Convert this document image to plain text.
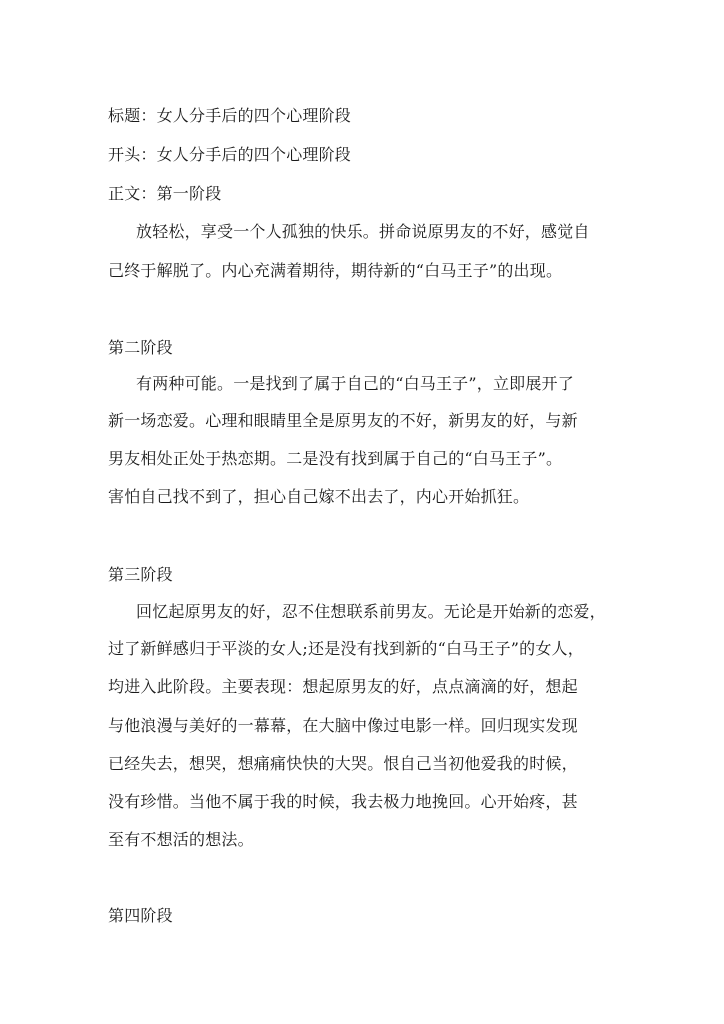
标题：女人分手后的四个心理阶段
开头：女人分手后的四个心理阶段
正文：第一阶段
放轻松，享受一个人孤独的快乐。拼命说原男友的不好，感觉自
己终于解脱了。内心充满着期待，期待新的“白马王子”的出现。
第二阶段
有两种可能。一是找到了属于自己的“白马王子”，立即展开了
新一场恋爱。心理和眼睛里全是原男友的不好，新男友的好，与新
男友相处正处于热恋期。二是没有找到属于自己的“白马王子”。
害怕自己找不到了，担心自己嫁不出去了，内心开始抓狂。
第三阶段
回忆起原男友的好，忍不住想联系前男友。无论是开始新的恋爱，
过了新鲜感归于平淡的女人;还是没有找到新的“白马王子”的女人，
均进入此阶段。主要表现：想起原男友的好，点点滴滴的好，想起
与他浪漫与美好的一幕幕，在大脑中像过电影一样。回归现实发现
已经失去，想哭，想痛痛快快的大哭。恨自己当初他爱我的时候，
没有珍惜。当他不属于我的时候，我去极力地挽回。心开始疼，甚
至有不想活的想法。
第四阶段
